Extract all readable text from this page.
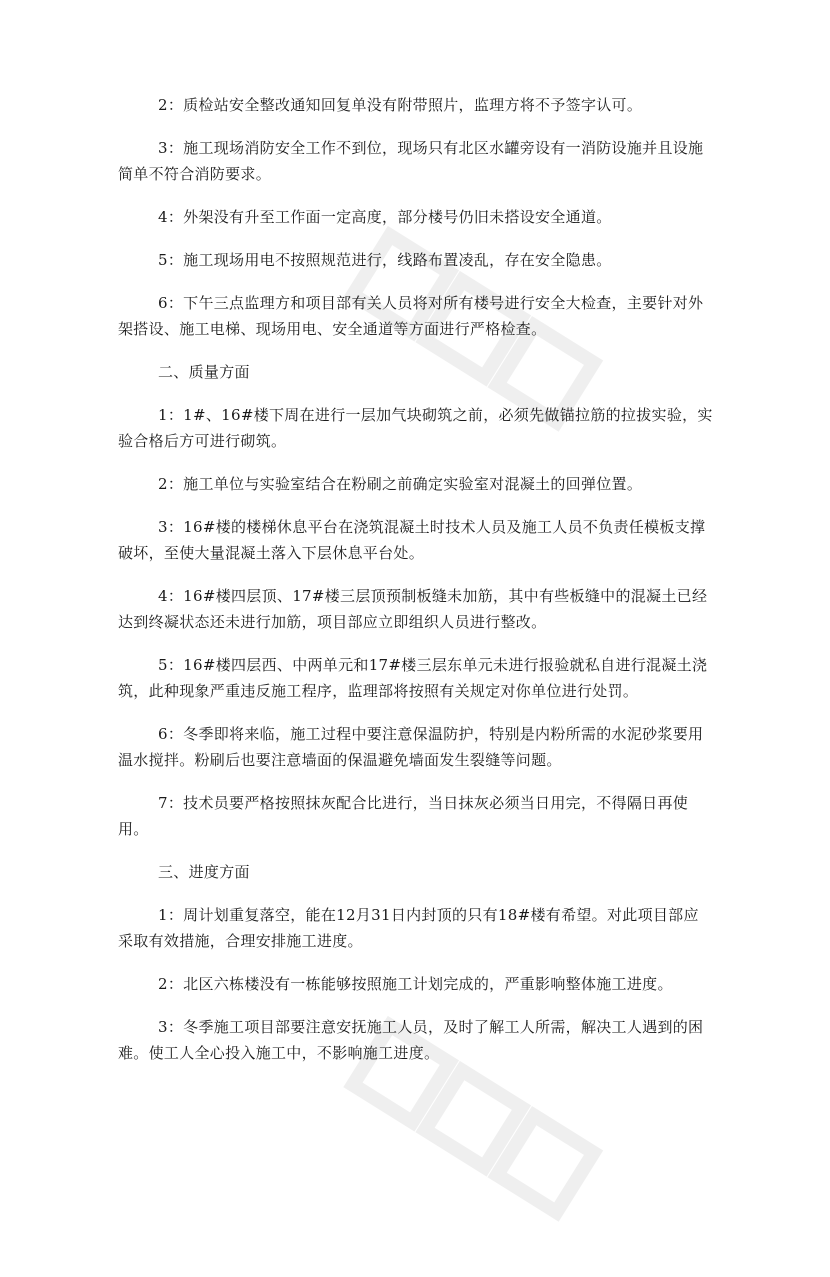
2：质检站安全整改通知回复单没有附带照片，监理方将不予签字认可。

3：施工现场消防安全工作不到位，现场只有北区水罐旁设有一消防设施并且设施简单不符合消防要求。

4：外架没有升至工作面一定高度，部分楼号仍旧未搭设安全通道。

5：施工现场用电不按照规范进行，线路布置凌乱，存在安全隐患。

6：下午三点监理方和项目部有关人员将对所有楼号进行安全大检查，主要针对外架搭设、施工电梯、现场用电、安全通道等方面进行严格检查。

二、质量方面

1：1#、16#楼下周在进行一层加气块砌筑之前，必须先做锚拉筋的拉拔实验，实验合格后方可进行砌筑。

2：施工单位与实验室结合在粉刷之前确定实验室对混凝土的回弹位置。

3：16#楼的楼梯休息平台在浇筑混凝土时技术人员及施工人员不负责任模板支撑破坏，至使大量混凝土落入下层休息平台处。

4：16#楼四层顶、17#楼三层顶预制板缝未加筋，其中有些板缝中的混凝土已经达到终凝状态还未进行加筋，项目部应立即组织人员进行整改。

5：16#楼四层西、中两单元和17#楼三层东单元未进行报验就私自进行混凝土浇筑，此种现象严重违反施工程序，监理部将按照有关规定对你单位进行处罚。

6：冬季即将来临，施工过程中要注意保温防护，特别是内粉所需的水泥砂浆要用温水搅拌。粉刷后也要注意墙面的保温避免墙面发生裂缝等问题。

7：技术员要严格按照抹灰配合比进行，当日抹灰必须当日用完，不得隔日再使用。

三、进度方面

1：周计划重复落空，能在12月31日内封顶的只有18#楼有希望。对此项目部应采取有效措施，合理安排施工进度。

2：北区六栋楼没有一栋能够按照施工计划完成的，严重影响整体施工进度。

3：冬季施工项目部要注意安抚施工人员，及时了解工人所需，解决工人遇到的困难。使工人全心投入施工中，不影响施工进度。
